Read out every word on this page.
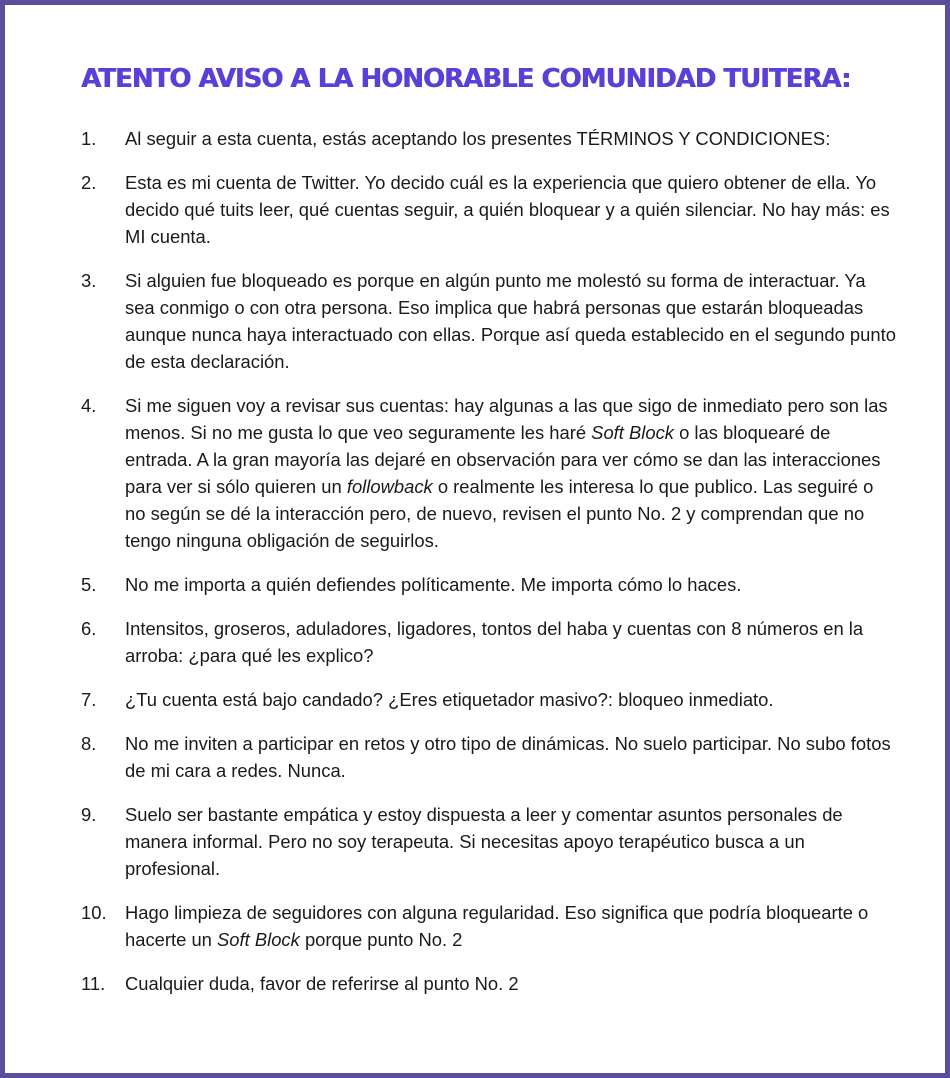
ATENTO AVISO A LA HONORABLE COMUNIDAD TUITERA:
1. Al seguir a esta cuenta, estás aceptando los presentes TÉRMINOS Y CONDICIONES:
2. Esta es mi cuenta de Twitter. Yo decido cuál es la experiencia que quiero obtener de ella. Yo decido qué tuits leer, qué cuentas seguir, a quién bloquear y a quién silenciar. No hay más: es MI cuenta.
3. Si alguien fue bloqueado es porque en algún punto me molestó su forma de interactuar. Ya sea conmigo o con otra persona. Eso implica que habrá personas que estarán bloqueadas aunque nunca haya interactuado con ellas. Porque así queda establecido en el segundo punto de esta declaración.
4. Si me siguen voy a revisar sus cuentas: hay algunas a las que sigo de inmediato pero son las menos. Si no me gusta lo que veo seguramente les haré Soft Block o las bloquearé de entrada. A la gran mayoría las dejaré en observación para ver cómo se dan las interacciones para ver si sólo quieren un followback o realmente les interesa lo que publico. Las seguiré o no según se dé la interacción pero, de nuevo, revisen el punto No. 2 y comprendan que no tengo ninguna obligación de seguirlos.
5. No me importa a quién defiendes políticamente. Me importa cómo lo haces.
6. Intensitos, groseros, aduladores, ligadores, tontos del haba y cuentas con 8 números en la arroba: ¿para qué les explico?
7. ¿Tu cuenta está bajo candado? ¿Eres etiquetador masivo?: bloqueo inmediato.
8. No me inviten a participar en retos y otro tipo de dinámicas. No suelo participar. No subo fotos de mi cara a redes. Nunca.
9. Suelo ser bastante empática y estoy dispuesta a leer y comentar asuntos personales de manera informal. Pero no soy terapeuta. Si necesitas apoyo terapéutico busca a un profesional.
10. Hago limpieza de seguidores con alguna regularidad. Eso significa que podría bloquearte o hacerte un Soft Block porque punto No. 2
11. Cualquier duda, favor de referirse al punto No. 2
